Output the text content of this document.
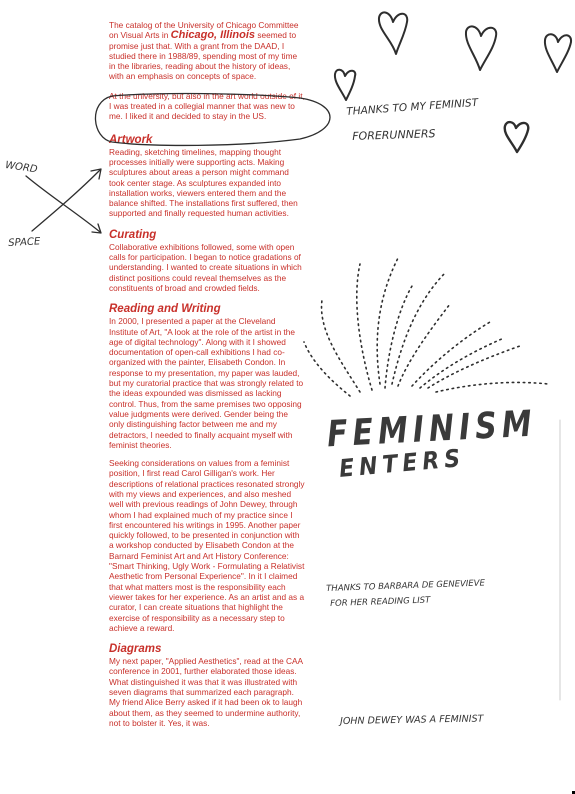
The catalog of the University of Chicago Committee on Visual Arts in Chicago, Illinois seemed to promise just that. With a grant from the DAAD, I studied there in 1988/89, spending most of my time in the libraries, reading about the history of ideas, with an emphasis on concepts of space.

At the university, but also in the art world outside of it, I was treated in a collegial manner that was new to me. I liked it and decided to stay in the US.

Artwork

Reading, sketching timelines, mapping thought processes initially were supporting acts. Making sculptures about areas a person might command took center stage. As sculptures expanded into installation works, viewers entered them and the balance shifted. The installations first suffered, then supported and finally requested human activities.

Curating

Collaborative exhibitions followed, some with open calls for participation. I began to notice gradations of understanding. I wanted to create situations in which distinct positions could reveal themselves as the constituents of broad and crowded fields.

Reading and Writing

In 2000, I presented a paper at the Cleveland Institute of Art, "A look at the role of the artist in the age of digital technology". Along with it I showed documentation of open-call exhibitions I had co-organized with the painter, Elisabeth Condon. In response to my presentation, my paper was lauded, but my curatorial practice that was strongly related to the ideas expounded was dismissed as lacking control. Thus, from the same premises two opposing value judgments were derived. Gender being the only distinguishing factor between me and my detractors, I needed to finally acquaint myself with feminist theories.

Seeking considerations on values from a feminist position, I first read Carol Gilligan's work. Her descriptions of relational practices resonated strongly with my views and experiences, and also meshed well with previous readings of John Dewey, through whom I had explained much of my practice since I first encountered his writings in 1995. Another paper quickly followed, to be presented in conjunction with a workshop conducted by Elisabeth Condon at the Barnard Feminist Art and Art History Conference: "Smart Thinking, Ugly Work - Formulating a Relativist Aesthetic from Personal Experience". In it I claimed that what matters most is the responsibility each viewer takes for her experience. As an artist and as a curator, I can create situations that highlight the exercise of responsibility as a necessary step to achieve a reward.

Diagrams

My next paper, "Applied Aesthetics", read at the CAA conference in 2001, further elaborated those ideas. What distinguished it was that it was illustrated with seven diagrams that summarized each paragraph. My friend Alice Berry asked if it had been ok to laugh about them, as they seemed to undermine authority, not to bolster it. Yes, it was.

WORD
SPACE
THANKS TO MY FEMINIST
FORERUNNERS
FEMINISM
ENTERS
THANKS TO BARBARA DE GENEVIEVE
FOR HER READING LIST
JOHN DEWEY WAS A FEMINIST
